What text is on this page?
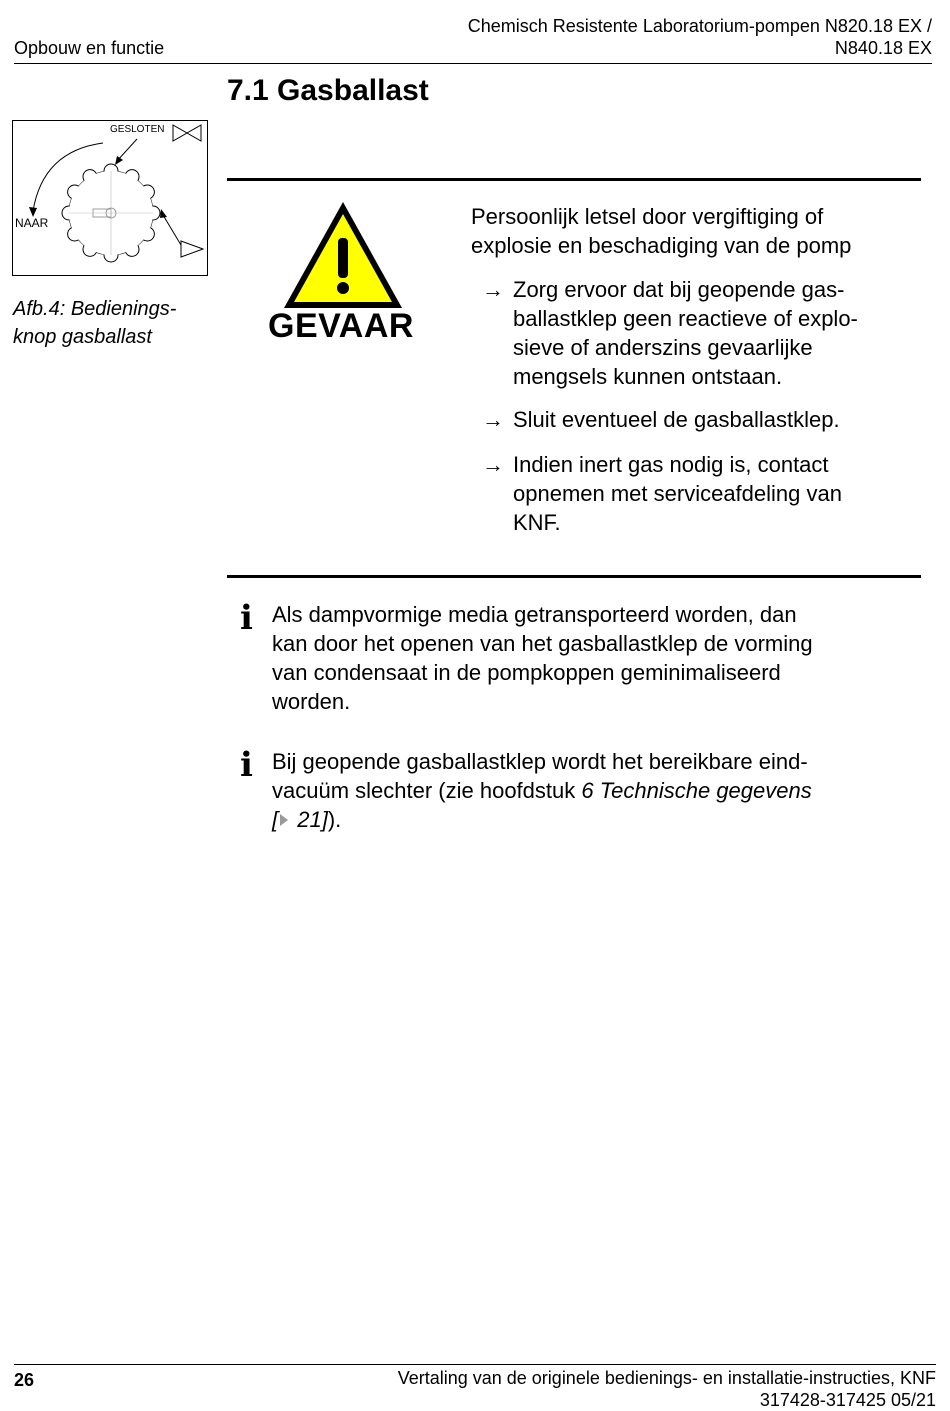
Opbouw en functie
Chemisch Resistente Laboratorium-pompen N820.18 EX /
N840.18 EX
7.1 Gasballast
GESLOTEN
NAAR
Afb.4: Bedienings-
knop gasballast	GEVAAR
Persoonlijk letsel door vergiftiging of
explosie en beschadiging van de pomp
→ Zorg ervoor dat bij geopende gas-
ballastklep geen reactieve of explo-
sieve of anderszins gevaarlijke
mengsels kunnen ontstaan.
→ Sluit eventueel de gasballastklep.
→ Indien inert gas nodig is, contact
opnemen met serviceafdeling van
KNF.
i Als dampvormige media getransporteerd worden, dan
kan door het openen van het gasballastklep de vorming
van condensaat in de pompkoppen geminimaliseerd
worden.
i Bij geopende gasballastklep wordt het bereikbare eind-
vacuüm slechter (zie hoofdstuk 6 Technische gegevens
[ 21]).
26	Vertaling van de originele bedienings- en installatie-instructies, KNF
317428-317425 05/21
